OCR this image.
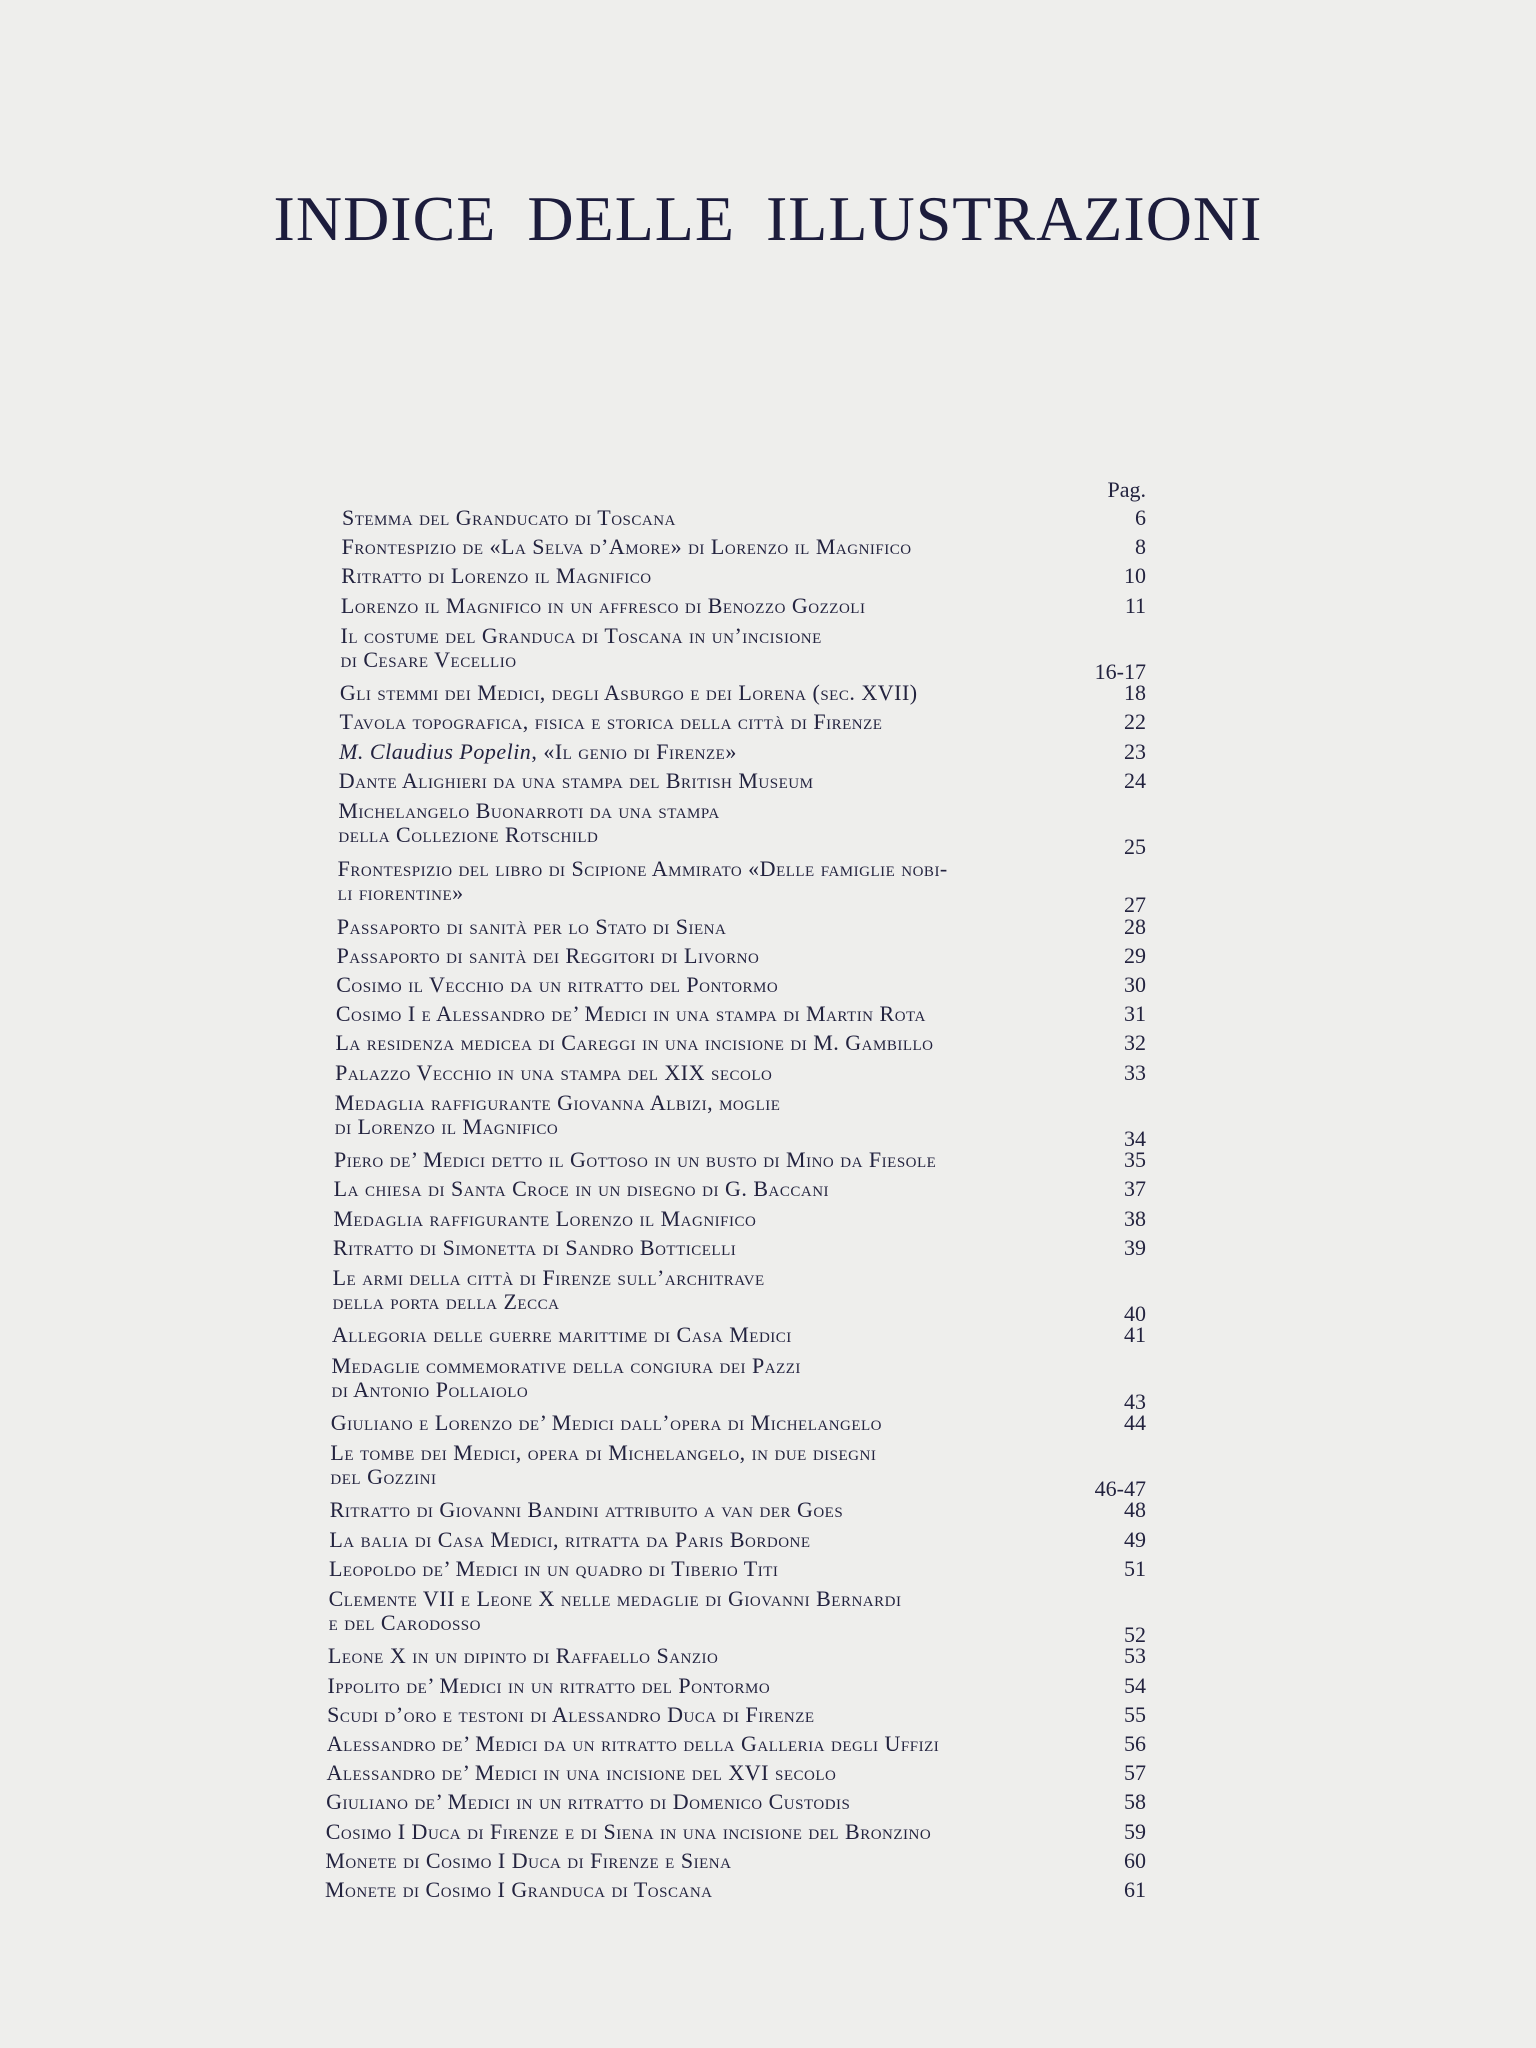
INDICE DELLE ILLUSTRAZIONI
Pag.
Stemma del Granducato di Toscana	6
Frontespizio de «La Selva d’Amore» di Lorenzo il Magnifico	8
Ritratto di Lorenzo il Magnifico	10
Lorenzo il Magnifico in un affresco di Benozzo Gozzoli	11
Il costume del Granduca di Toscana in un’incisione
di Cesare Vecellio	16-17
Gli stemmi dei Medici, degli Asburgo e dei Lorena (sec. XVII)	18
Tavola topografica, fisica e storica della città di Firenze	22
M. Claudius Popelin, «Il genio di Firenze»	23
Dante Alighieri da una stampa del British Museum	24
Michelangelo Buonarroti da una stampa
della Collezione Rotschild	25
Frontespizio del libro di Scipione Ammirato «Delle famiglie nobi-
li fiorentine»	27
Passaporto di sanità per lo Stato di Siena	28
Passaporto di sanità dei Reggitori di Livorno	29
Cosimo il Vecchio da un ritratto del Pontormo	30
Cosimo I e Alessandro de’ Medici in una stampa di Martin Rota	31
La residenza medicea di Careggi in una incisione di M. Gambillo	32
Palazzo Vecchio in una stampa del XIX secolo	33
Medaglia raffigurante Giovanna Albizi, moglie
di Lorenzo il Magnifico	34
Piero de’ Medici detto il Gottoso in un busto di Mino da Fiesole	35
La chiesa di Santa Croce in un disegno di G. Baccani	37
Medaglia raffigurante Lorenzo il Magnifico	38
Ritratto di Simonetta di Sandro Botticelli	39
Le armi della città di Firenze sull’architrave
della porta della Zecca	40
Allegoria delle guerre marittime di Casa Medici	41
Medaglie commemorative della congiura dei Pazzi
di Antonio Pollaiolo	43
Giuliano e Lorenzo de’ Medici dall’opera di Michelangelo	44
Le tombe dei Medici, opera di Michelangelo, in due disegni
del Gozzini	46-47
Ritratto di Giovanni Bandini attribuito a van der Goes	48
La balia di Casa Medici, ritratta da Paris Bordone	49
Leopoldo de’ Medici in un quadro di Tiberio Titi	51
Clemente VII e Leone X nelle medaglie di Giovanni Bernardi
e del Carodosso	52
Leone X in un dipinto di Raffaello Sanzio	53
Ippolito de’ Medici in un ritratto del Pontormo	54
Scudi d’oro e testoni di Alessandro Duca di Firenze	55
Alessandro de’ Medici da un ritratto della Galleria degli Uffizi	56
Alessandro de’ Medici in una incisione del XVI secolo	57
Giuliano de’ Medici in un ritratto di Domenico Custodis	58
Cosimo I Duca di Firenze e di Siena in una incisione del Bronzino	59
Monete di Cosimo I Duca di Firenze e Siena	60
Monete di Cosimo I Granduca di Toscana	61
